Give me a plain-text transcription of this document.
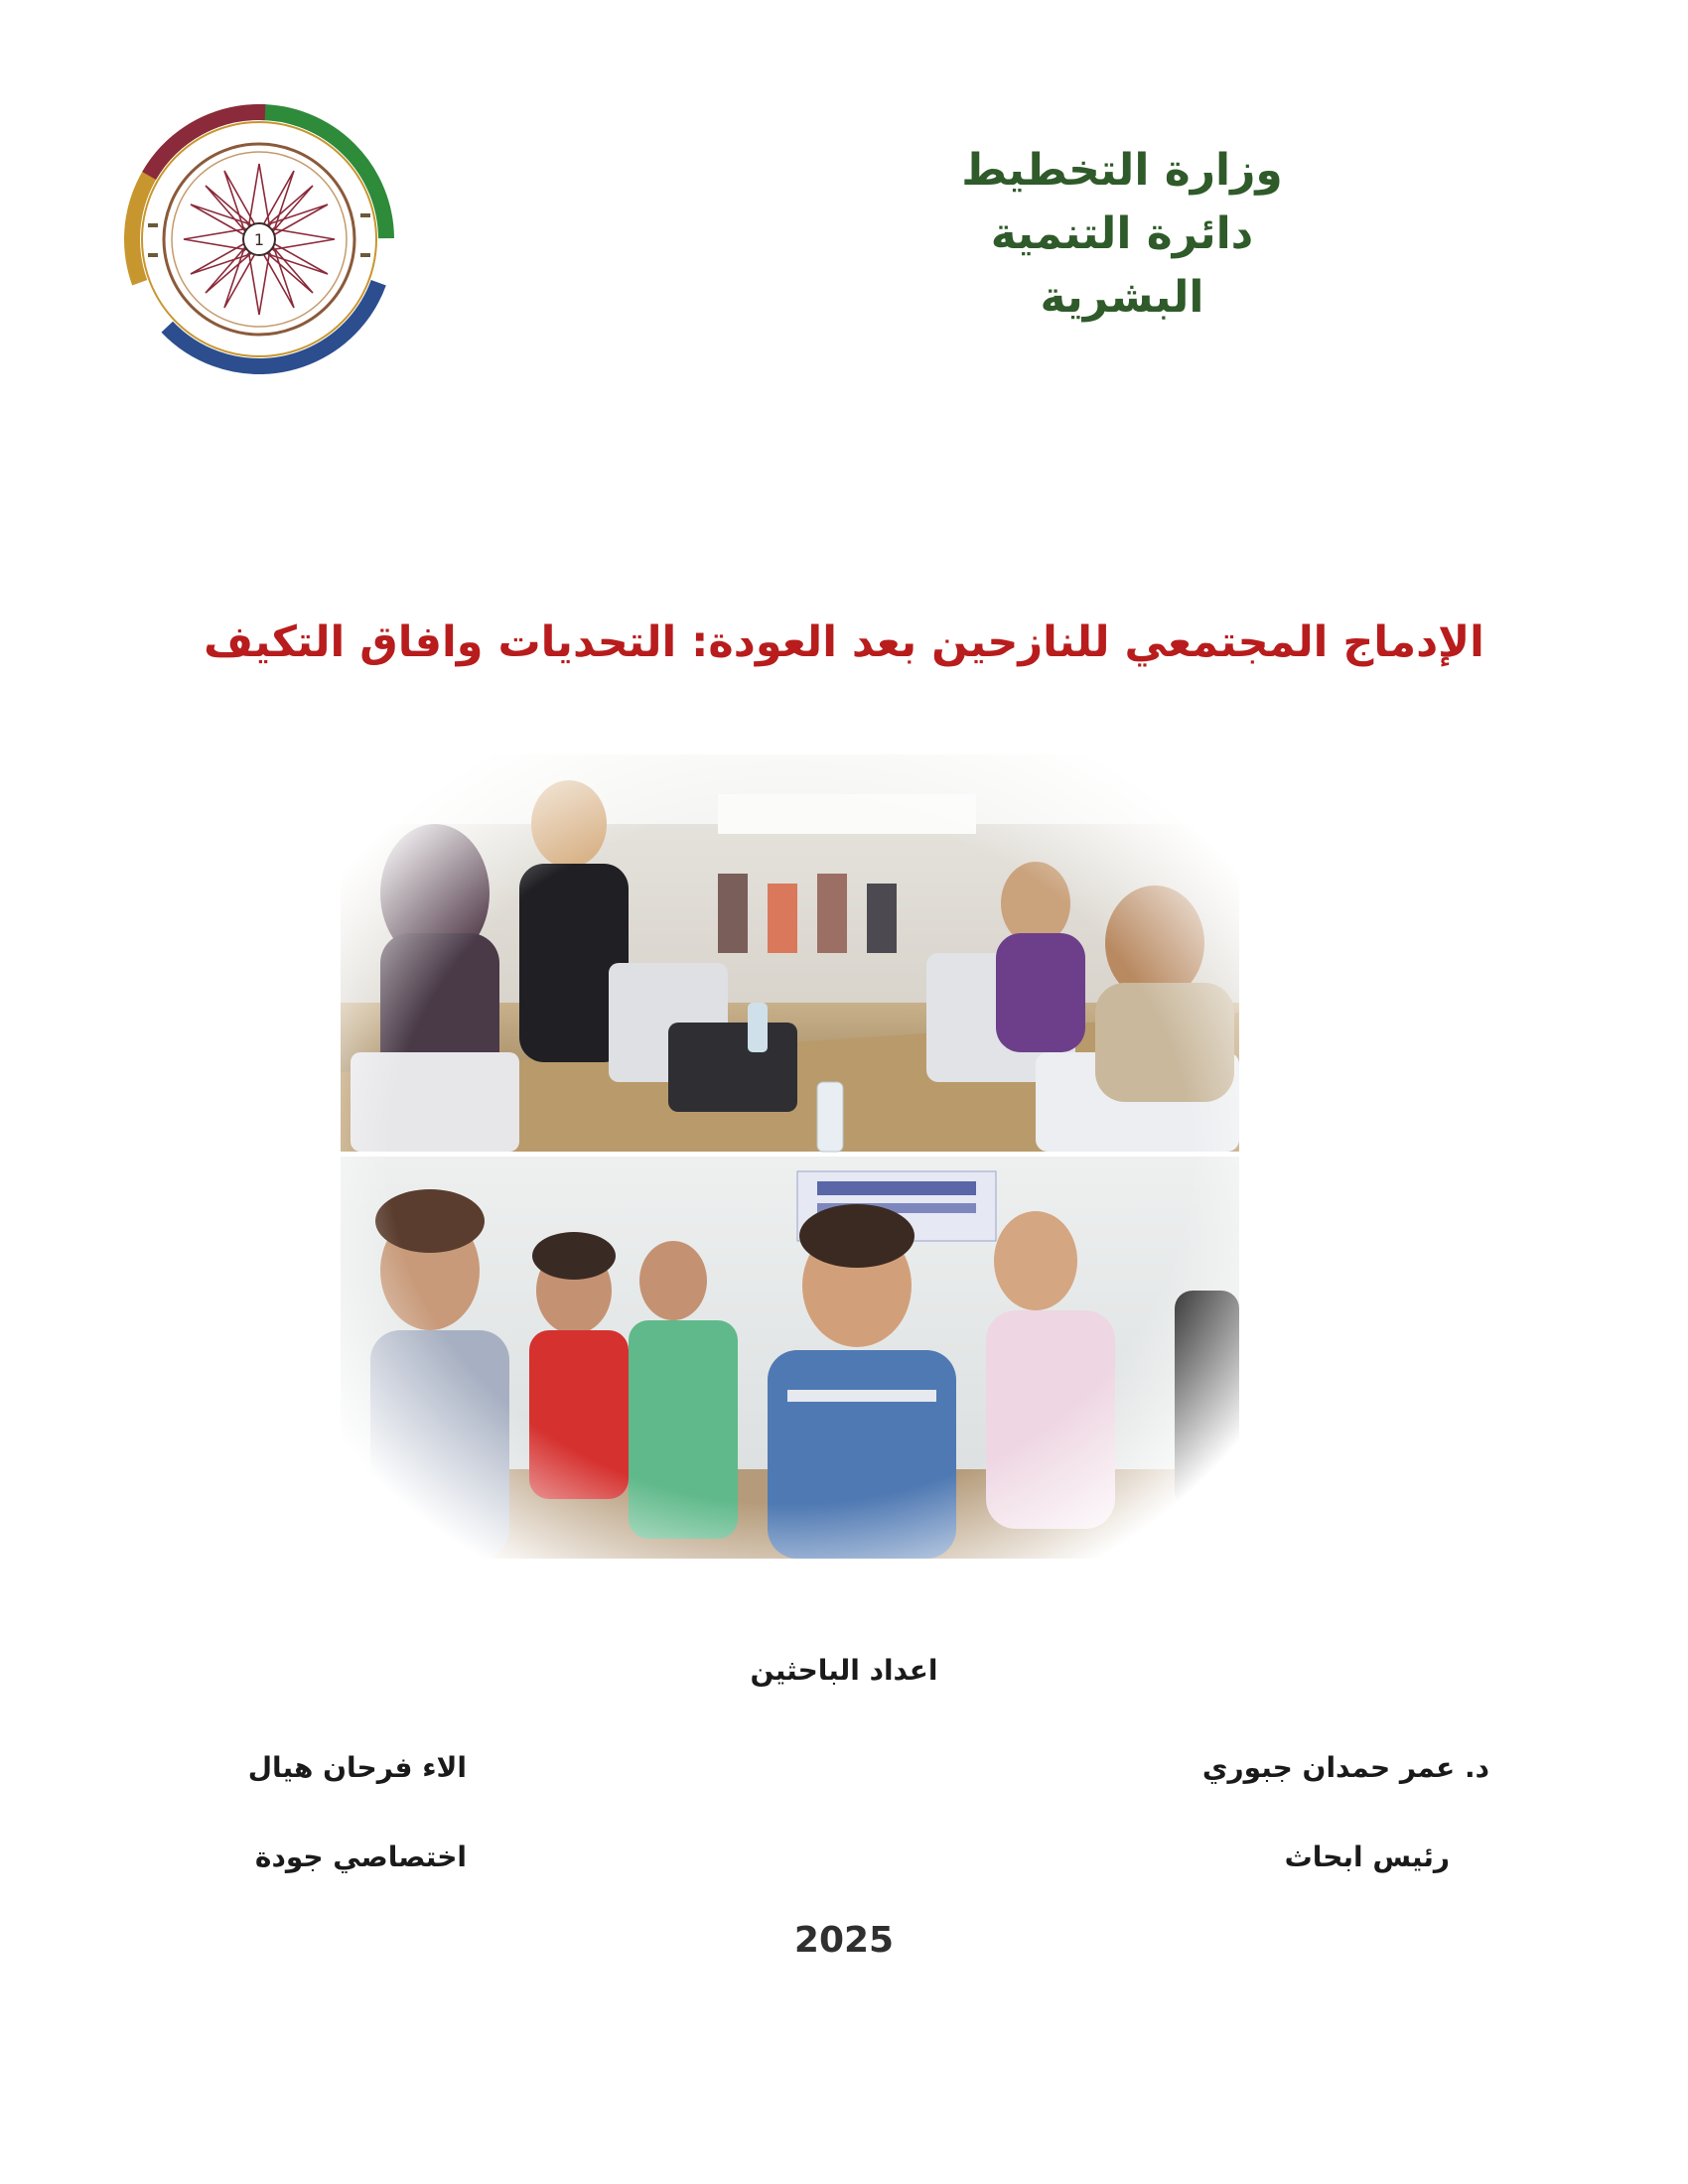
1
وزارة التخطيط
دائرة التنمية البشرية
الإدماج المجتمعي للنازحين بعد العودة: التحديات وافاق التكيف
اعداد الباحثين
د. عمر حمدان جبوري
رئيس ابحاث
الاء فرحان هيال
اختصاصي جودة
2025
